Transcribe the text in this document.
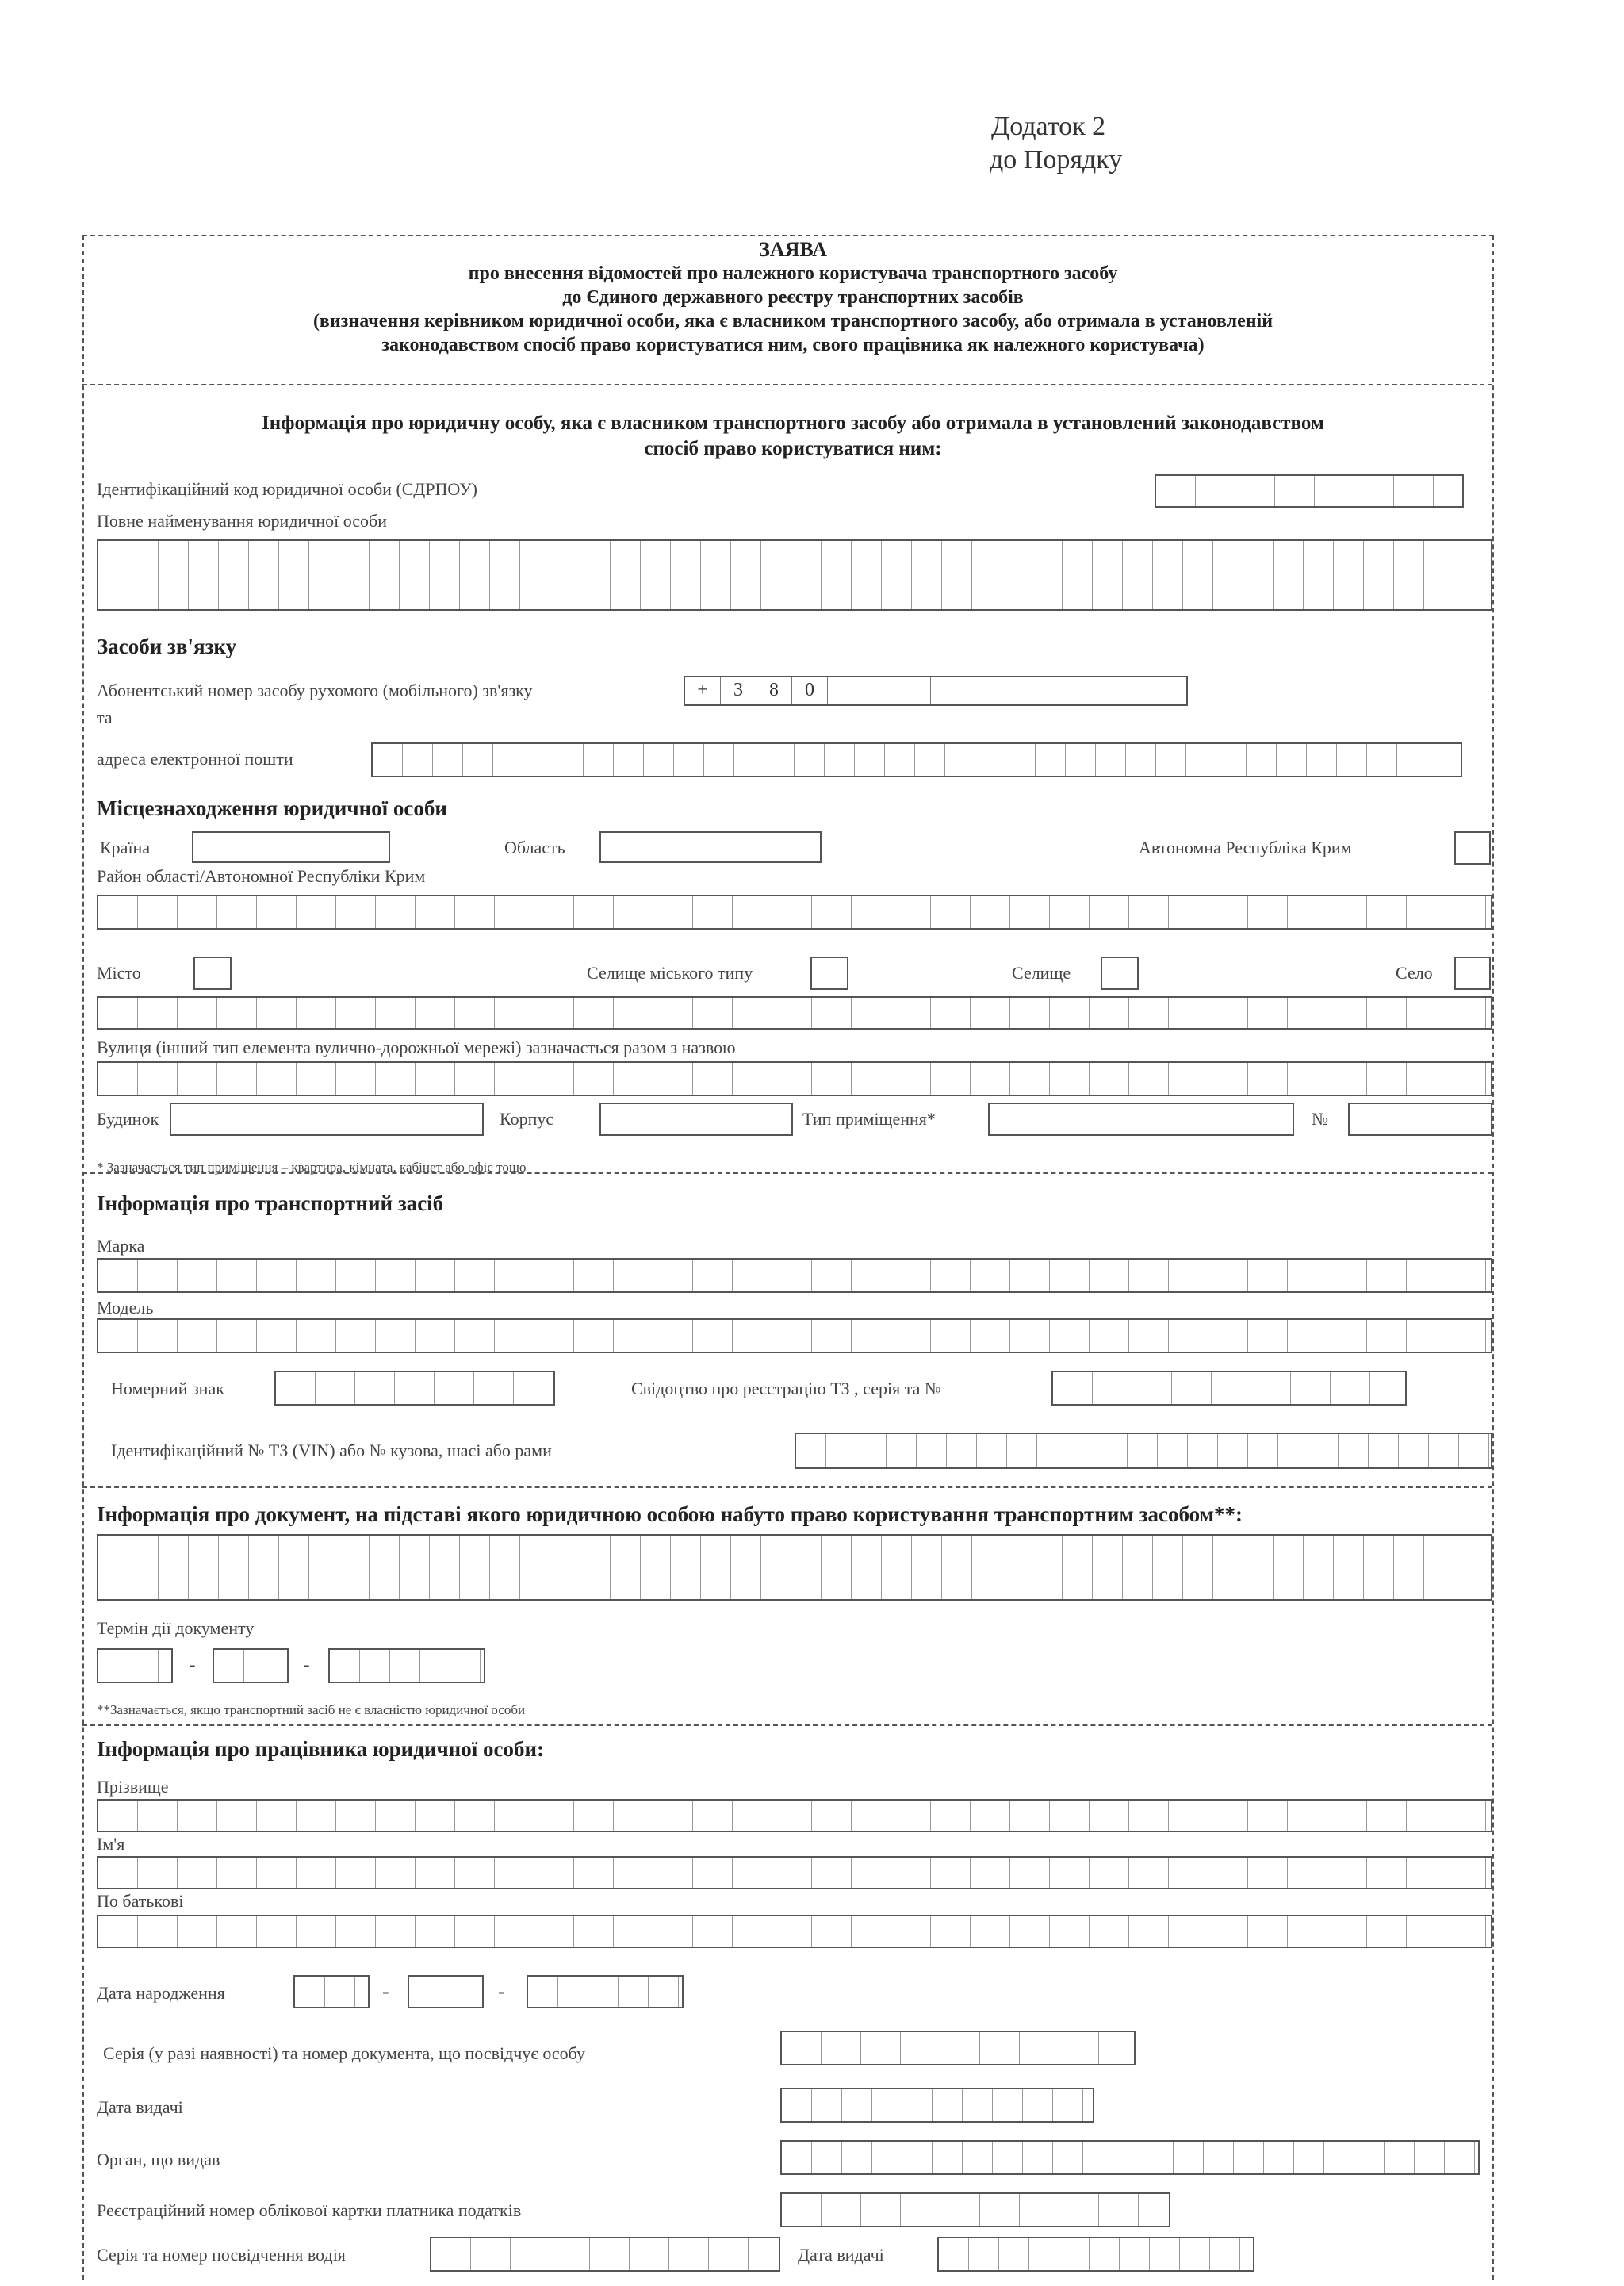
Додаток 2
до Порядку
ЗАЯВА
про внесення відомостей про належного користувача транспортного засобу
до Єдиного державного реєстру транспортних засобів
(визначення керівником юридичної особи, яка є власником транспортного засобу, або отримала в установленій
законодавством спосіб право користуватися ним, свого працівника як належного користувача)
Інформація про юридичну особу, яка є власником транспортного засобу або отримала в установлений законодавством
спосіб право користуватися ним:
Ідентифікаційний код юридичної особи (ЄДРПОУ)
Повне найменування юридичної особи
Засоби зв'язку
Абонентський номер засобу рухомого (мобільного) зв'язку
та
+	3	8	0
адреса електронної пошти
Місцезнаходження юридичної особи
Країна	Область	Автономна Республіка Крим
Район області/Автономної Республіки Крим
Місто	Селище міського типу	Селище	Село
Вулиця (інший тип елемента вулично-дорожньої мережі) зазначається разом з назвою
Будинок	Корпус	Тип приміщення*	№
* Зазначається тип приміщення – квартира, кімната, кабінет або офіс тощо
Інформація про транспортний засіб
Марка
Модель
Номерний знак	Свідоцтво про реєстрацію ТЗ , серія та №
Ідентифікаційний № ТЗ (VIN) або № кузова, шасі або рами
Інформація про документ, на підставі якого юридичною особою набуто право користування транспортним засобом**:
Термін дії документу
-	-
**Зазначається, якщо транспортний засіб не є власністю юридичної особи
Інформація про працівника юридичної особи:
Прізвище
Ім'я
По батькові
Дата народження	-	-
Серія (у разі наявності) та номер документа, що посвідчує особу
Дата видачі
Орган, що видав
Реєстраційний номер облікової картки платника податків
Серія та номер посвідчення водія	Дата видачі
